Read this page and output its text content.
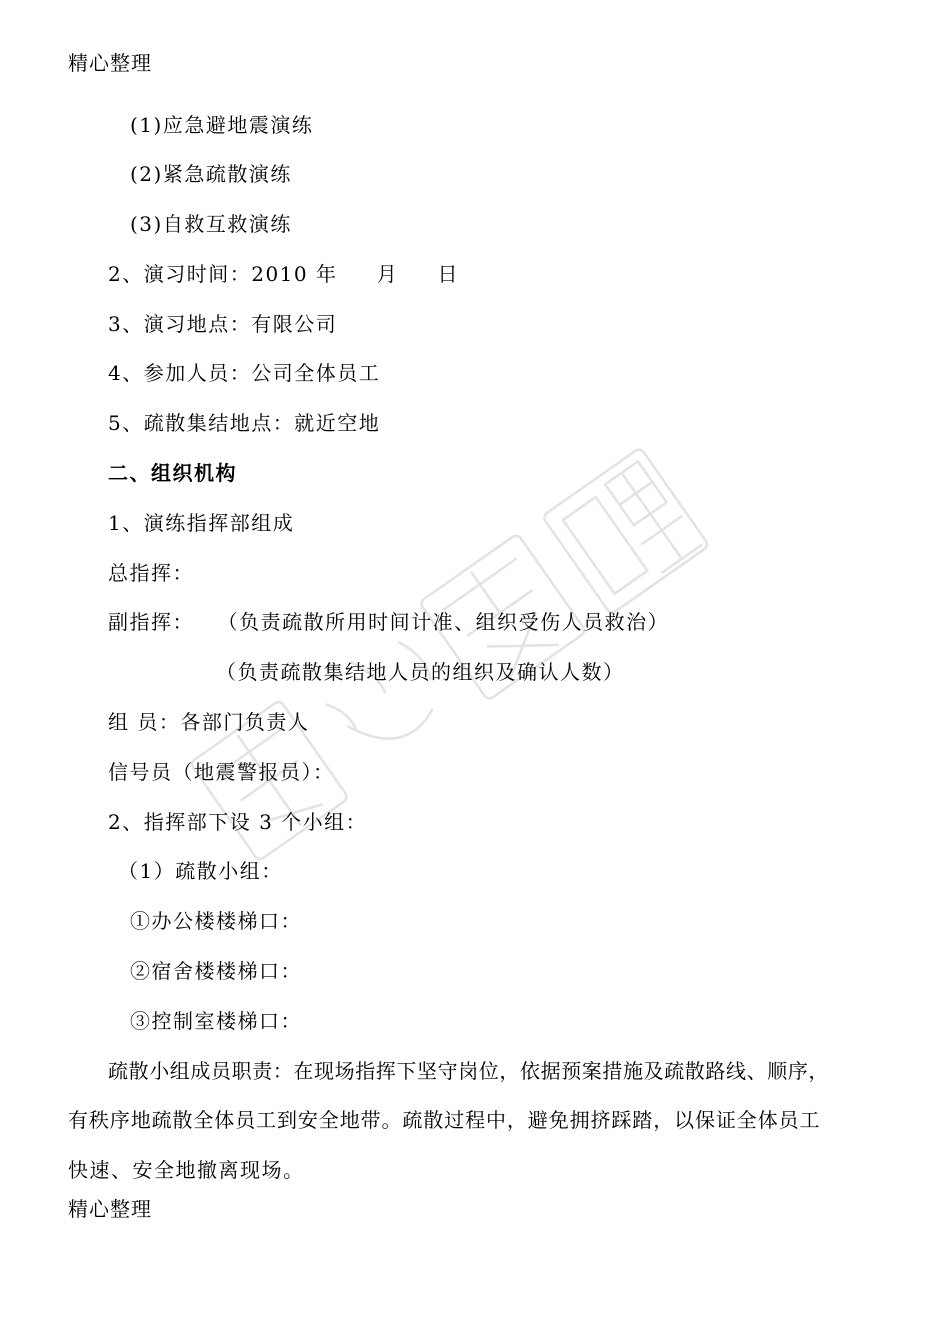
精心整理
(1)应急避地震演练
(2)紧急疏散演练
(3)自救互救演练
2、演习时间：2010 年     月     日
3、演习地点：有限公司
4、参加人员：公司全体员工
5、疏散集结地点：就近空地
二、组织机构
1、演练指挥部组成
总指挥：
副指挥：   （负责疏散所用时间计准、组织受伤人员救治）
（负责疏散集结地人员的组织及确认人数）
组 员：各部门负责人
信号员（地震警报员）：
2、指挥部下设 3 个小组：
（1）疏散小组：
①办公楼楼梯口：
②宿舍楼楼梯口：
③控制室楼梯口：
疏散小组成员职责：在现场指挥下坚守岗位，依据预案措施及疏散路线、顺序，
有秩序地疏散全体员工到安全地带。疏散过程中，避免拥挤踩踏，以保证全体员工
快速、安全地撤离现场。
精心整理
